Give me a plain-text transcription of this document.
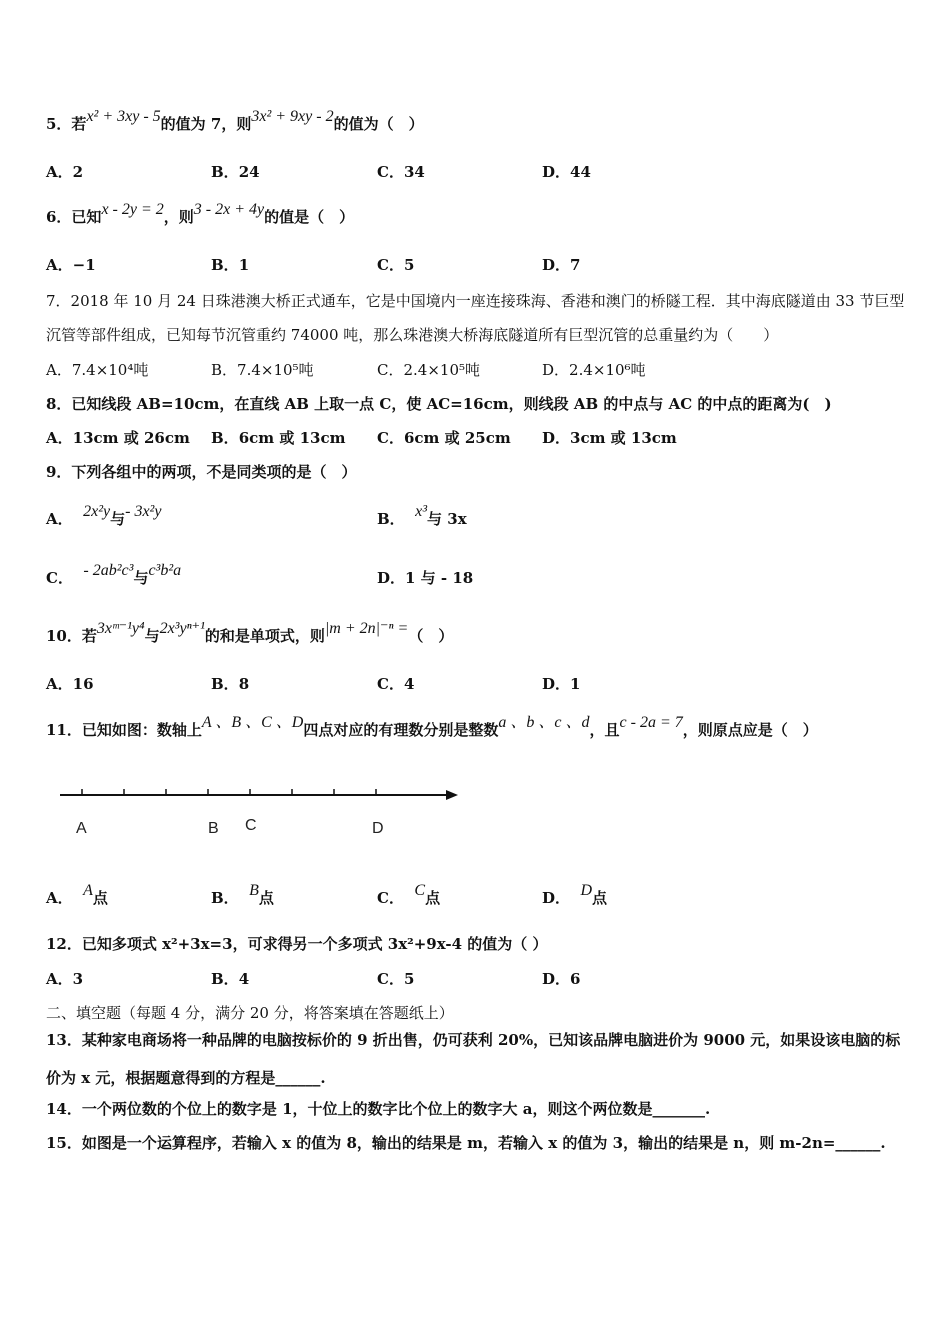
5．若x² + 3xy - 5的值为 7，则3x² + 9xy - 2的值为（　）
A．2	B．24	C．34	D．44
6．已知x - 2y = 2，则3 - 2x + 4y的值是（　）
A．−1	B．1	C．5	D．7
7．2018 年 10 月 24 日珠港澳大桥正式通车，它是中国境内一座连接珠海、香港和澳门的桥隧工程．其中海底隧道由 33 节巨型沉管等部件组成，已知每节沉管重约 74000 吨，那么珠港澳大桥海底隧道所有巨型沉管的总重量约为（　　）
A．7.4×10⁴吨	B．7.4×10⁵吨	C．2.4×10⁵吨	D．2.4×10⁶吨
8．已知线段 AB=10cm，在直线 AB 上取一点 C，使 AC=16cm，则线段 AB 的中点与 AC 的中点的距离为(　)
A．13cm 或 26cm B．6cm 或 13cm C．6cm 或 25cm D．3cm 或 13cm
9．下列各组中的两项，不是同类项的是（　）
A． 2x²y与- 3x²y	B． x³与 3x
C． - 2ab²c³与c³b²a	D．1 与 - 18
10．若3xᵐ⁻¹y⁴与2x³yⁿ⁺¹的和是单项式，则|m + 2n|⁻ⁿ =（　）
A．16	B．8	C．4	D．1
11．已知如图：数轴上A 、B 、C 、D四点对应的有理数分别是整数a 、b 、c 、d，且c - 2a = 7，则原点应是（　）
A	B C	D
A． A点	B． B点	C． C点	D． D点
12．已知多项式 x²+3x=3，可求得另一个多项式 3x²+9x-4 的值为（ ）
A．3	B．4	C．5	D．6
二、填空题（每题 4 分，满分 20 分，将答案填在答题纸上）
13．某种家电商场将一种品牌的电脑按标价的 9 折出售，仍可获利 20%，已知该品牌电脑进价为 9000 元，如果设该电脑的标价为 x 元，根据题意得到的方程是______.
14．一个两位数的个位上的数字是 1，十位上的数字比个位上的数字大 a，则这个两位数是_______.
15．如图是一个运算程序，若输入 x 的值为 8，输出的结果是 m，若输入 x 的值为 3，输出的结果是 n，则 m-2n=______.
